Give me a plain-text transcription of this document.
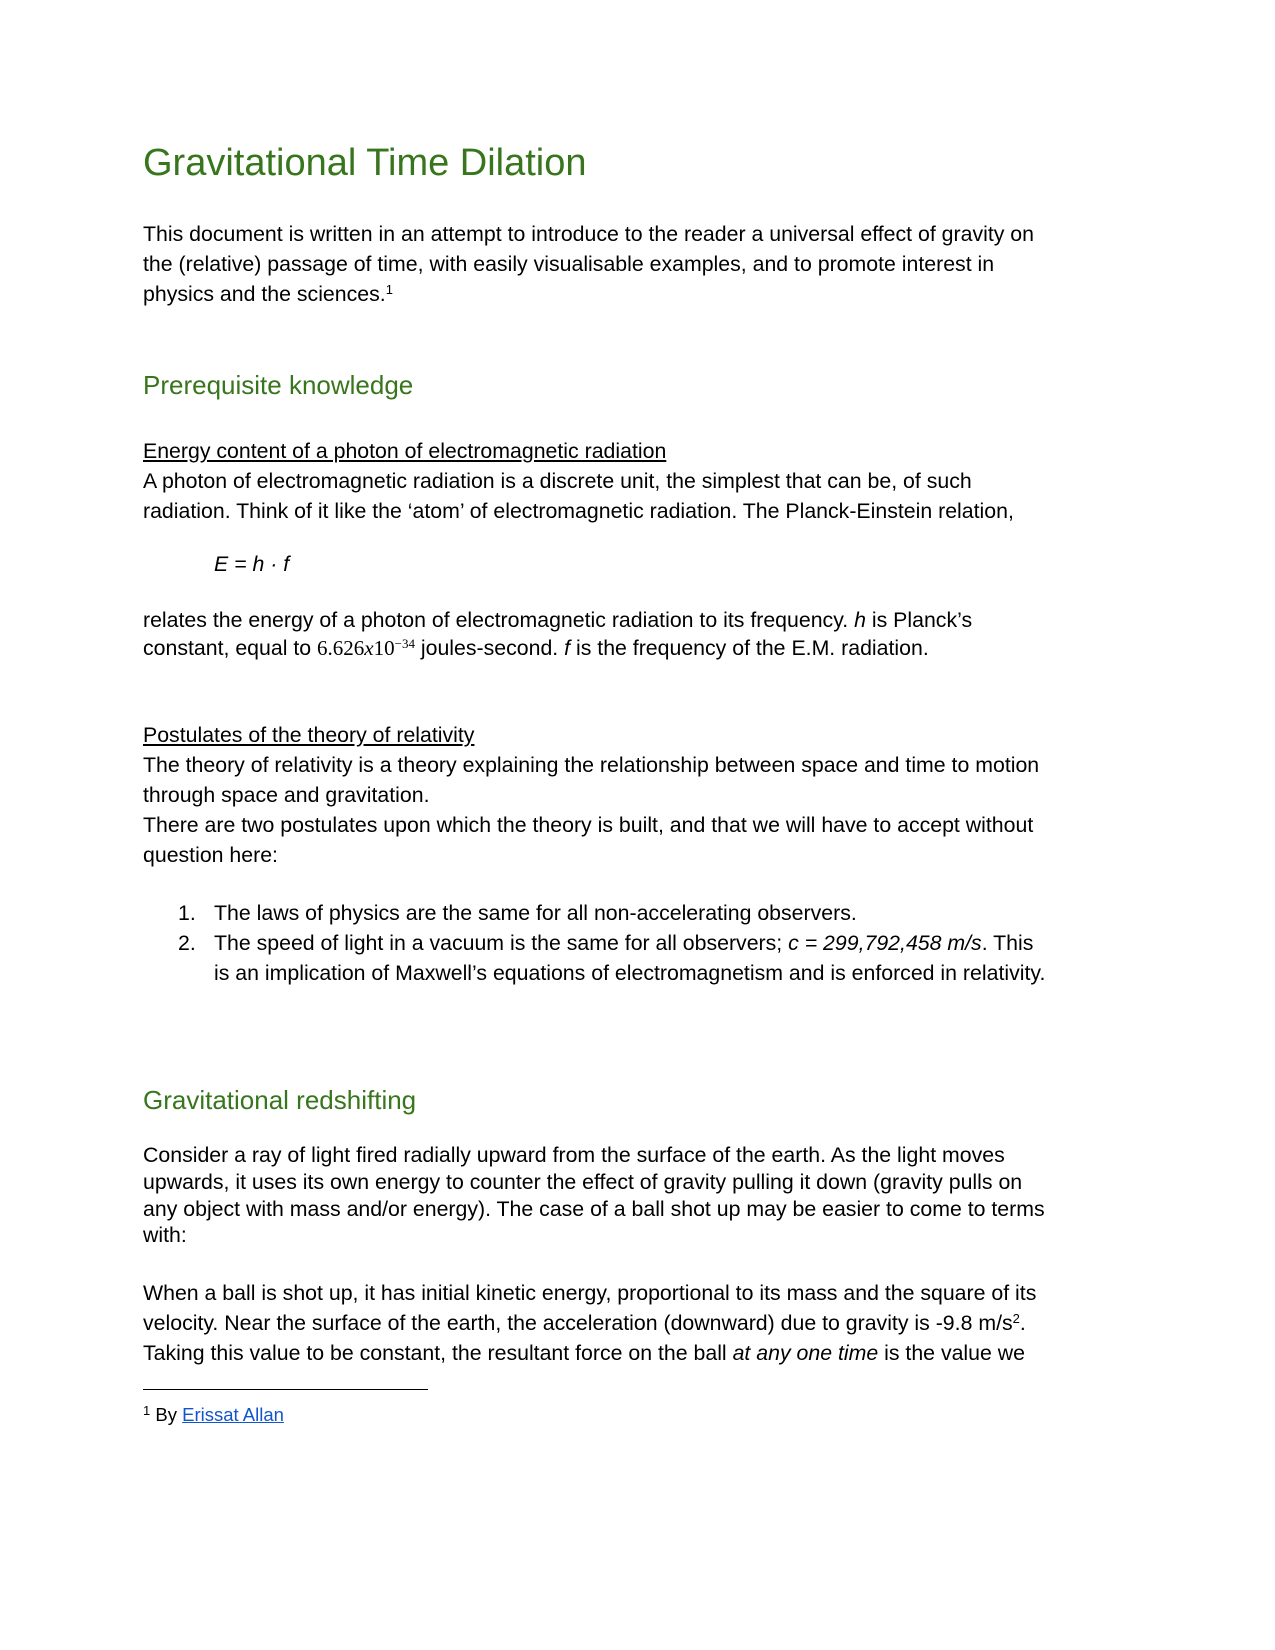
Gravitational Time Dilation
This document is written in an attempt to introduce to the reader a universal effect of gravity on
the (relative) passage of time, with easily visualisable examples, and to promote interest in
physics and the sciences.$^1$
Prerequisite knowledge
Energy content of a photon of electromagnetic radiation
A photon of electromagnetic radiation is a discrete unit, the simplest that can be, of such
radiation. Think of it like the ‘atom’ of electromagnetic radiation. The Planck-Einstein relation,
E = h · f
relates the energy of a photon of electromagnetic radiation to its frequency. h is Planck’s
constant, equal to $6.626x10^{-34}$ joules-second. f is the frequency of the E.M. radiation.
Postulates of the theory of relativity
The theory of relativity is a theory explaining the relationship between space and time to motion
through space and gravitation.
There are two postulates upon which the theory is built, and that we will have to accept without
question here:
1. The laws of physics are the same for all non-accelerating observers.
2. The speed of light in a vacuum is the same for all observers; c = 299,792,458 m/s. This
is an implication of Maxwell’s equations of electromagnetism and is enforced in relativity.
Gravitational redshifting
Consider a ray of light fired radially upward from the surface of the earth. As the light moves
upwards, it uses its own energy to counter the effect of gravity pulling it down (gravity pulls on
any object with mass and/or energy). The case of a ball shot up may be easier to come to terms
with:
When a ball is shot up, it has initial kinetic energy, proportional to its mass and the square of its
velocity. Near the surface of the earth, the acceleration (downward) due to gravity is -9.8 $m/s^2$.
Taking this value to be constant, the resultant force on the ball at any one time is the value we
$^1$ By Erissat Allan
